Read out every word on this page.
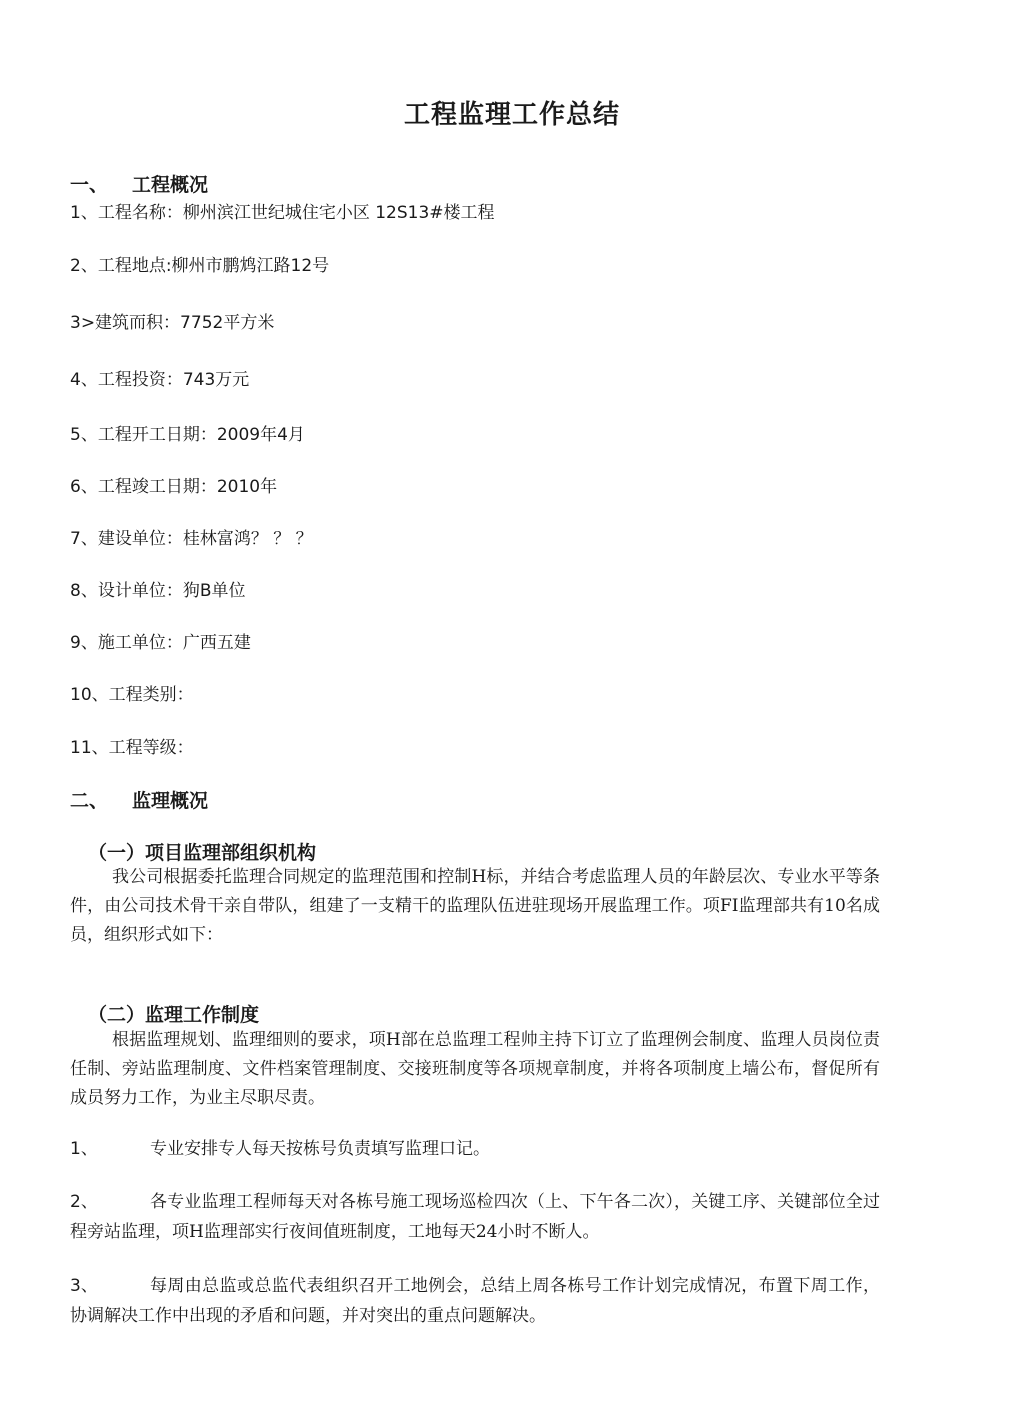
工程监理工作总结
一、 工程概况
1、工程名称：柳州滨江世纪城住宅小区 12S13#楼工程
2、工程地点:柳州市鹏鸩江路12号
3>建筑而积：7752平方米
4、工程投资：743万元
5、工程开工日期：2009年4月
6、工程竣工日期：2010年
7、建设单位：桂林富鸿？ ？ ？
8、设计单位：狗B单位
9、施工单位：广西五建
10、工程类别：
11、工程等级：
二、 监理概况
（一）项目监理部组织机构
我公司根据委托监理合同规定的监理范围和控制H标，并结合考虑监理人员的年龄层次、专业水平等条件，由公司技术骨干亲自带队，组建了一支精干的监理队伍进驻现场开展监理工作。项FI监理部共有10名成员，组织形式如下：
（二）监理工作制度
根据监理规划、监理细则的要求，项H部在总监理工程帅主持下订立了监理例会制度、监理人员岗位责任制、旁站监理制度、文件档案管理制度、交接班制度等各项规章制度，并将各项制度上墙公布，督促所有成员努力工作，为业主尽职尽责。
1、	专业安排专人每天按栋号负责填写监理口记。
2、	各专业监理工程师每天对各栋号施工现场巡检四次（上、下午各二次），关键工序、关键部位全过程旁站监理，项H监理部实行夜间值班制度，工地每天24小时不断人。
3、	每周由总监或总监代表组织召开工地例会，总结上周各栋号工作计划完成情况，布置下周工作，协调解决工作中出现的矛盾和问题，并对突出的重点问题解决。
